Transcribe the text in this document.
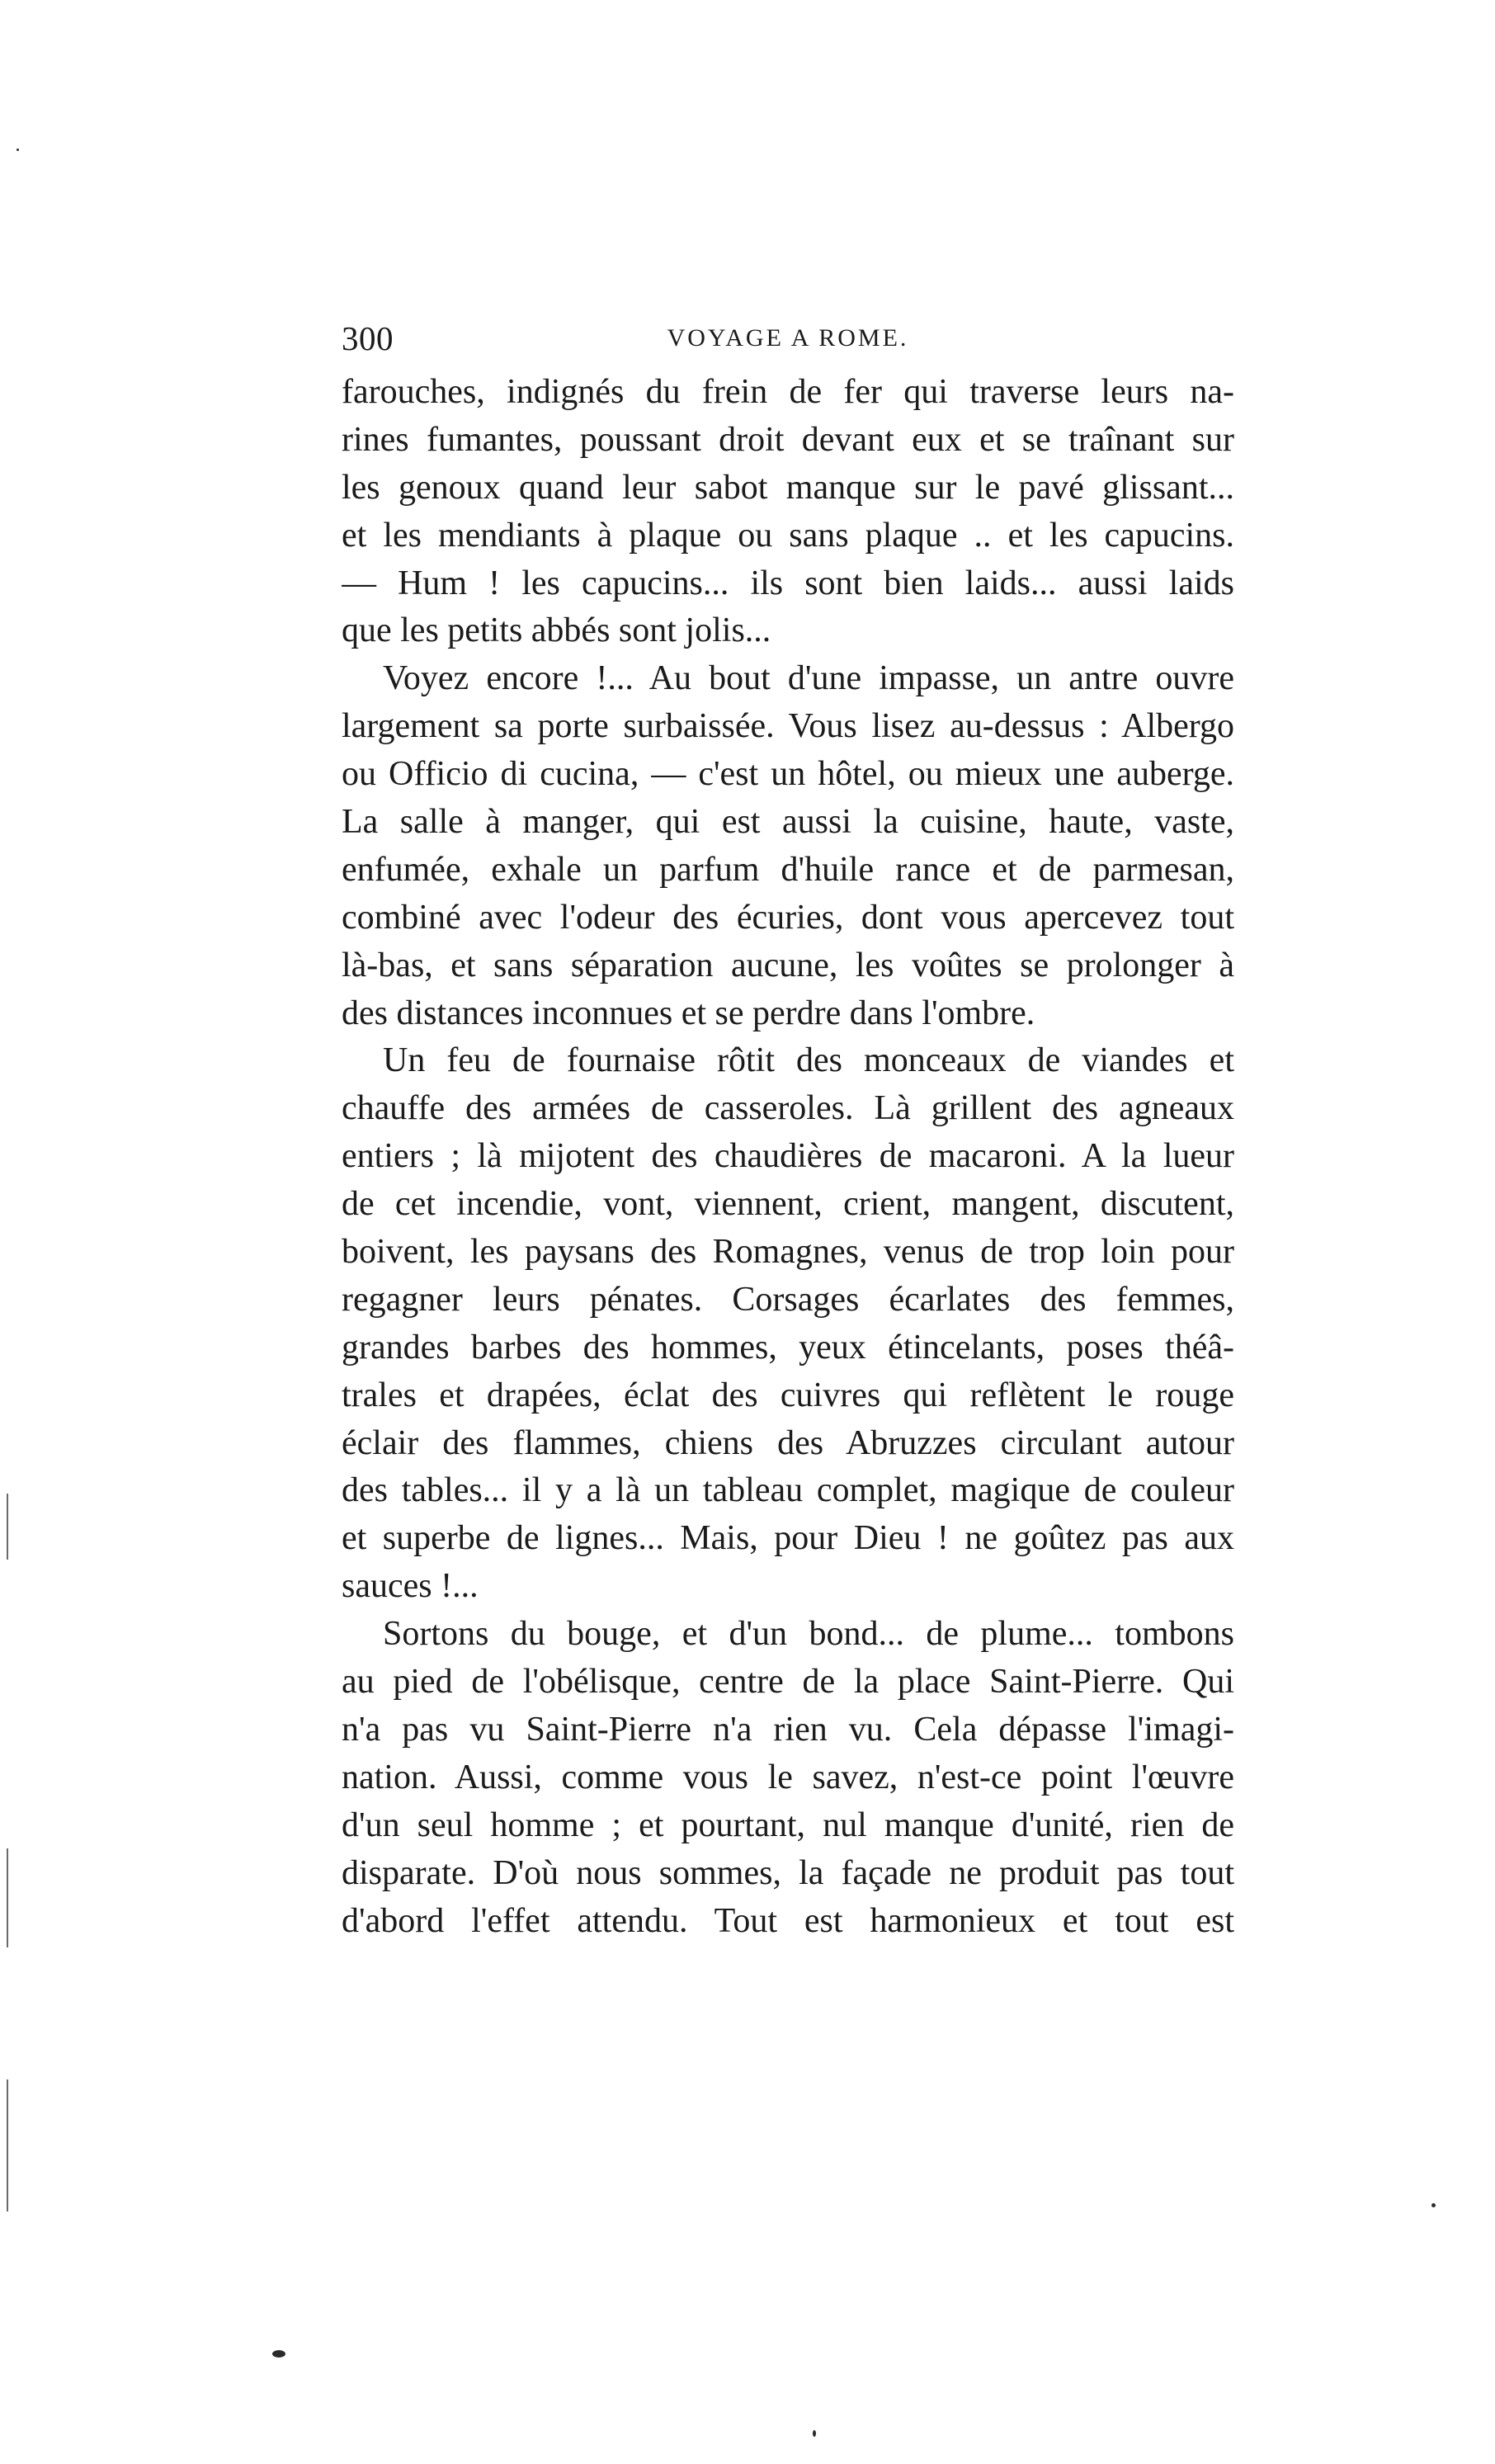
300	VOYAGE A ROME.
farouches, indignés du frein de fer qui traverse leurs na-
rines fumantes, poussant droit devant eux et se traînant sur
les genoux quand leur sabot manque sur le pavé glissant...
et les mendiants à plaque ou sans plaque .. et les capucins.
— Hum ! les capucins... ils sont bien laids... aussi laids
que les petits abbés sont jolis...
Voyez encore !... Au bout d'une impasse, un antre ouvre
largement sa porte surbaissée. Vous lisez au-dessus : Albergo
ou Officio di cucina, — c'est un hôtel, ou mieux une auberge.
La salle à manger, qui est aussi la cuisine, haute, vaste,
enfumée, exhale un parfum d'huile rance et de parmesan,
combiné avec l'odeur des écuries, dont vous apercevez tout
là-bas, et sans séparation aucune, les voûtes se prolonger à
des distances inconnues et se perdre dans l'ombre.
Un feu de fournaise rôtit des monceaux de viandes et
chauffe des armées de casseroles. Là grillent des agneaux
entiers ; là mijotent des chaudières de macaroni. A la lueur
de cet incendie, vont, viennent, crient, mangent, discutent,
boivent, les paysans des Romagnes, venus de trop loin pour
regagner leurs pénates. Corsages écarlates des femmes,
grandes barbes des hommes, yeux étincelants, poses théâ-
trales et drapées, éclat des cuivres qui reflètent le rouge
éclair des flammes, chiens des Abruzzes circulant autour
des tables... il y a là un tableau complet, magique de couleur
et superbe de lignes... Mais, pour Dieu ! ne goûtez pas aux
sauces !...
Sortons du bouge, et d'un bond... de plume... tombons
au pied de l'obélisque, centre de la place Saint-Pierre. Qui
n'a pas vu Saint-Pierre n'a rien vu. Cela dépasse l'imagi-
nation. Aussi, comme vous le savez, n'est-ce point l'œuvre
d'un seul homme ; et pourtant, nul manque d'unité, rien de
disparate. D'où nous sommes, la façade ne produit pas tout
d'abord l'effet attendu. Tout est harmonieux et tout est
